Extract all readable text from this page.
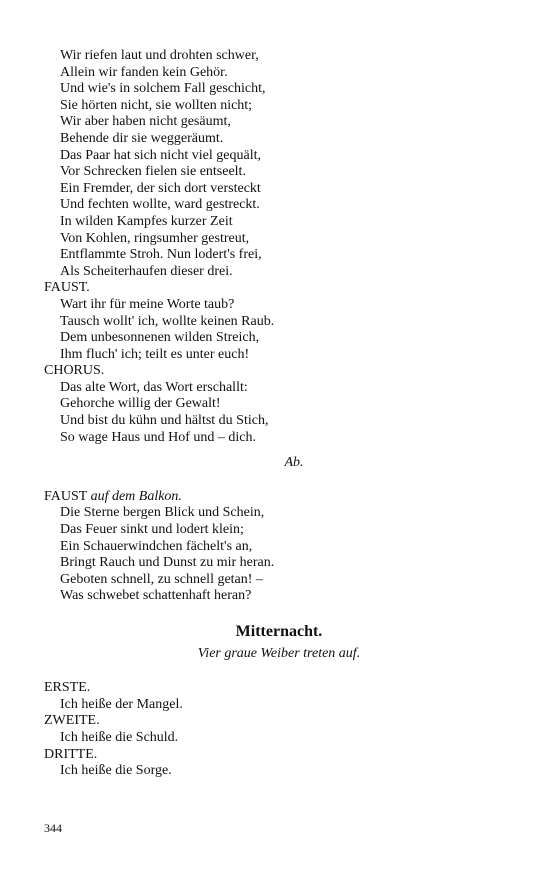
Wir riefen laut und drohten schwer,
Allein wir fanden kein Gehör.
Und wie's in solchem Fall geschicht,
Sie hörten nicht, sie wollten nicht;
Wir aber haben nicht gesäumt,
Behende dir sie weggeräumt.
Das Paar hat sich nicht viel gequält,
Vor Schrecken fielen sie entseelt.
Ein Fremder, der sich dort versteckt
Und fechten wollte, ward gestreckt.
In wilden Kampfes kurzer Zeit
Von Kohlen, ringsumher gestreut,
Entflammte Stroh. Nun lodert's frei,
Als Scheiterhaufen dieser drei.
FAUST.
Wart ihr für meine Worte taub?
Tausch wollt' ich, wollte keinen Raub.
Dem unbesonnenen wilden Streich,
Ihm fluch' ich; teilt es unter euch!
CHORUS.
Das alte Wort, das Wort erschallt:
Gehorche willig der Gewalt!
Und bist du kühn und hältst du Stich,
So wage Haus und Hof und – dich.
Ab.
FAUST auf dem Balkon.
Die Sterne bergen Blick und Schein,
Das Feuer sinkt und lodert klein;
Ein Schauerwindchen fächelt's an,
Bringt Rauch und Dunst zu mir heran.
Geboten schnell, zu schnell getan! –
Was schwebet schattenhaft heran?
Mitternacht.
Vier graue Weiber treten auf.
ERSTE.
Ich heiße der Mangel.
ZWEITE.
Ich heiße die Schuld.
DRITTE.
Ich heiße die Sorge.
344
